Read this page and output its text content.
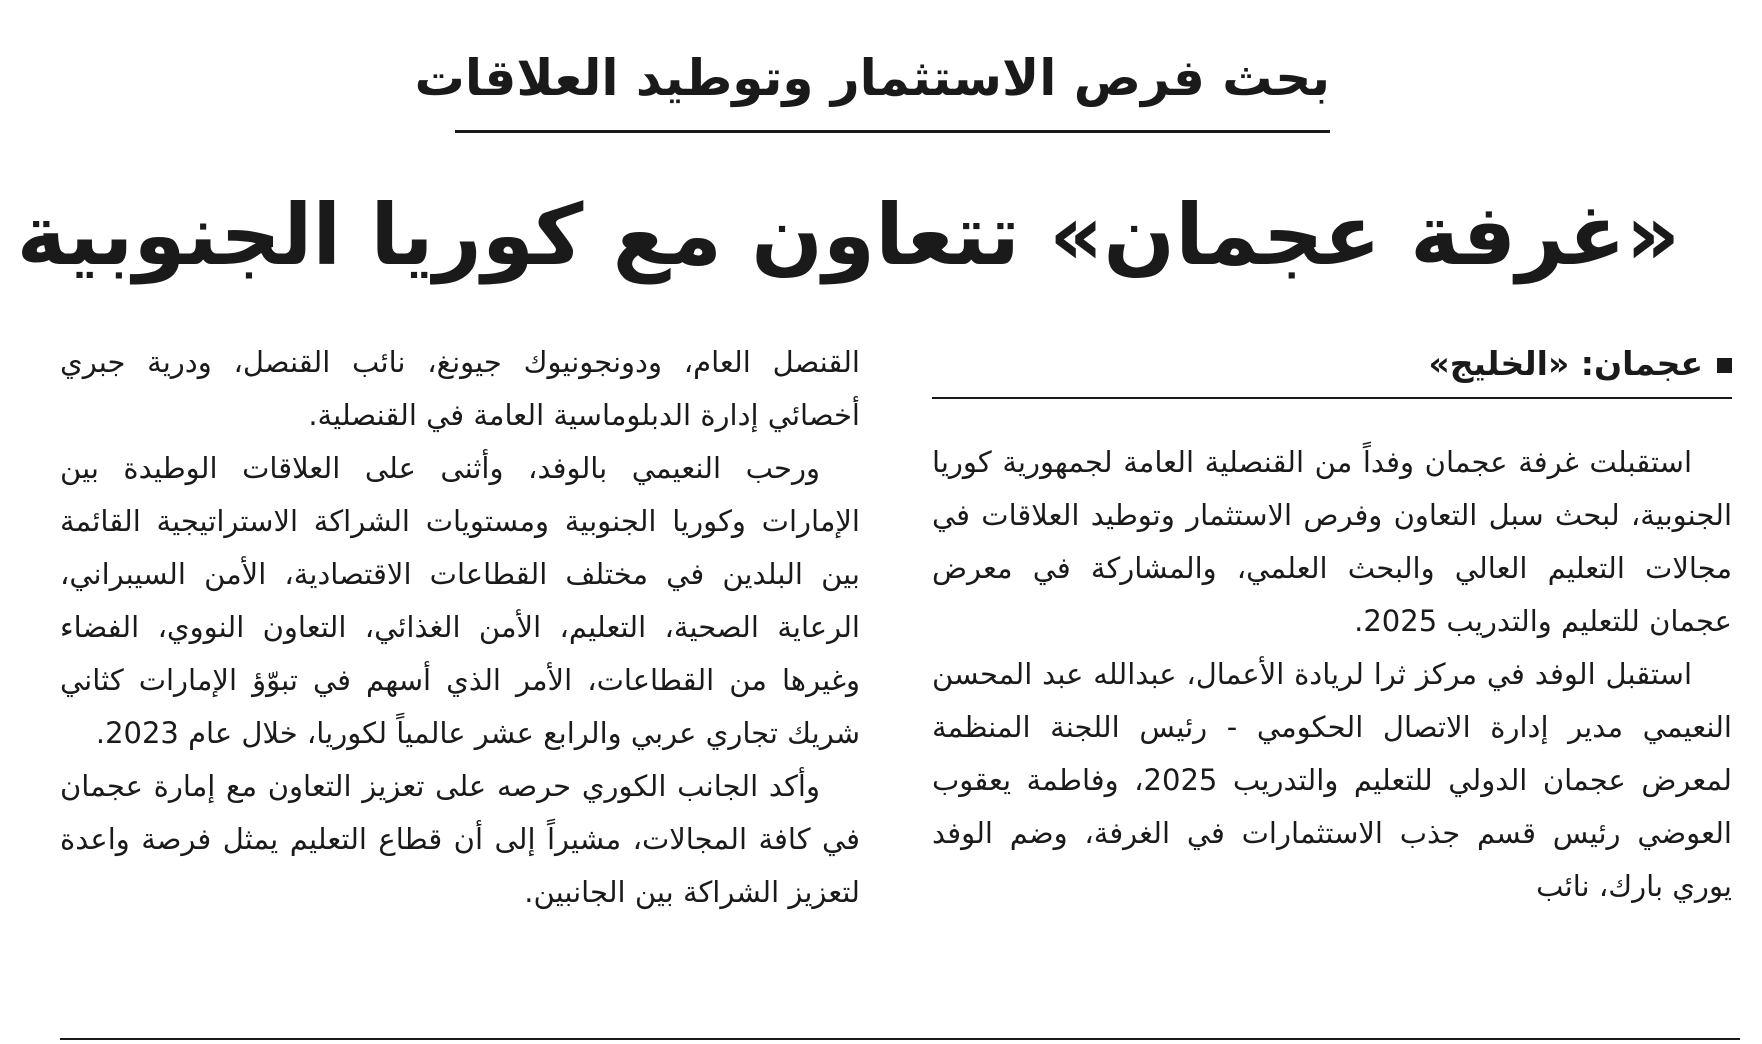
بحث فرص الاستثمار وتوطيد العلاقات
«غرفة عجمان» تتعاون مع كوريا الجنوبية
عجمان: «الخليج»

استقبلت غرفة عجمان وفداً من القنصلية العامة لجمهورية كوريا الجنوبية، لبحث سبل التعاون وفرص الاستثمار وتوطيد العلاقات في مجالات التعليم العالي والبحث العلمي، والمشاركة في معرض عجمان للتعليم والتدريب 2025.

استقبل الوفد في مركز ثرا لريادة الأعمال، عبدالله عبد المحسن النعيمي مدير إدارة الاتصال الحكومي - رئيس اللجنة المنظمة لمعرض عجمان الدولي للتعليم والتدريب 2025، وفاطمة يعقوب العوضي رئيس قسم جذب الاستثمارات في الغرفة، وضم الوفد يوري بارك، نائب

القنصل العام، ودونجونيوك جيونغ، نائب القنصل، ودرية جبري أخصائي إدارة الدبلوماسية العامة في القنصلية.

ورحب النعيمي بالوفد، وأثنى على العلاقات الوطيدة بين الإمارات وكوريا الجنوبية ومستويات الشراكة الاستراتيجية القائمة بين البلدين في مختلف القطاعات الاقتصادية، الأمن السيبراني، الرعاية الصحية، التعليم، الأمن الغذائي، التعاون النووي، الفضاء وغيرها من القطاعات، الأمر الذي أسهم في تبوّؤ الإمارات كثاني شريك تجاري عربي والرابع عشر عالمياً لكوريا، خلال عام 2023.

وأكد الجانب الكوري حرصه على تعزيز التعاون مع إمارة عجمان في كافة المجالات، مشيراً إلى أن قطاع التعليم يمثل فرصة واعدة لتعزيز الشراكة بين الجانبين.
